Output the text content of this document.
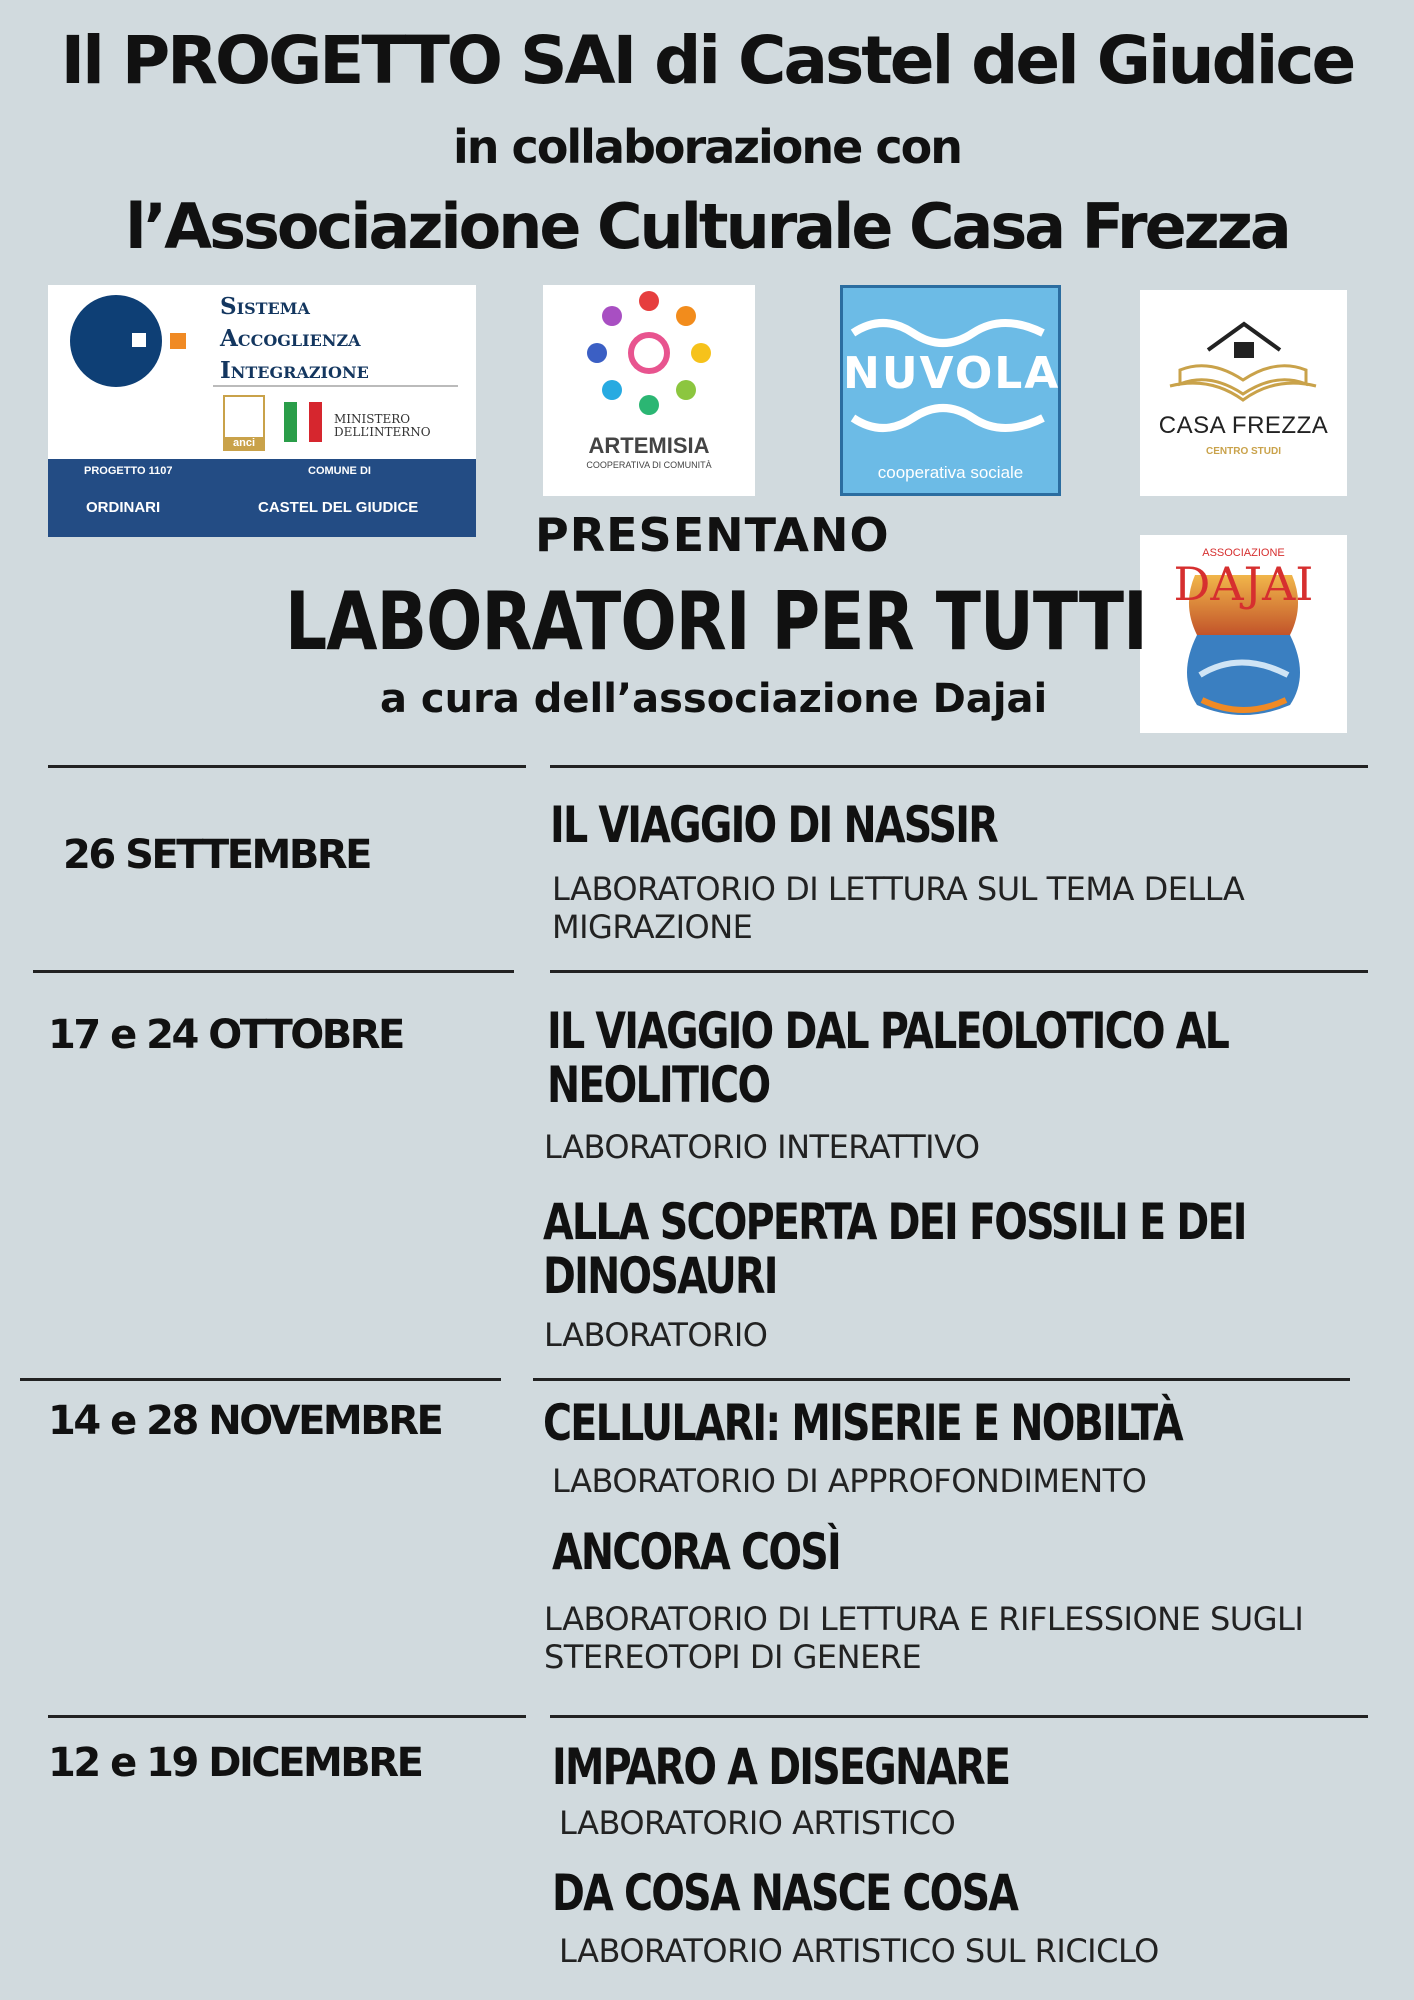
Il PROGETTO SAI di Castel del Giudice
in collaborazione con
l’Associazione Culturale Casa Frezza
Sistema
Accoglienza
Integrazione
anci
MINISTERO
DELL’INTERNO
PROGETTO 1107	COMUNE DI
ORDINARI	CASTEL DEL GIUDICE
ARTEMISIA
COOPERATIVA DI COMUNITÀ
NUVOLA
cooperativa sociale
CASA FREZZA
CENTRO STUDI
ASSOCIAZIONE
DAJAI
PRESENTANO
LABORATORI PER TUTTI
a cura dell’associazione Dajai
26 SETTEMBRE
IL VIAGGIO DI NASSIR
LABORATORIO DI LETTURA SUL TEMA DELLA
MIGRAZIONE
17 e 24 OTTOBRE	IL VIAGGIO DAL PALEOLOTICO AL
NEOLITICO
LABORATORIO INTERATTIVO
ALLA SCOPERTA DEI FOSSILI E DEI
DINOSAURI
LABORATORIO
14 e 28 NOVEMBRE CELLULARI: MISERIE E NOBILTÀ
LABORATORIO DI APPROFONDIMENTO
ANCORA COSÌ
LABORATORIO DI LETTURA E RIFLESSIONE SUGLI
STEREOTOPI DI GENERE
12 e 19 DICEMBRE	IMPARO A DISEGNARE
LABORATORIO ARTISTICO
DA COSA NASCE COSA
LABORATORIO ARTISTICO SUL RICICLO
